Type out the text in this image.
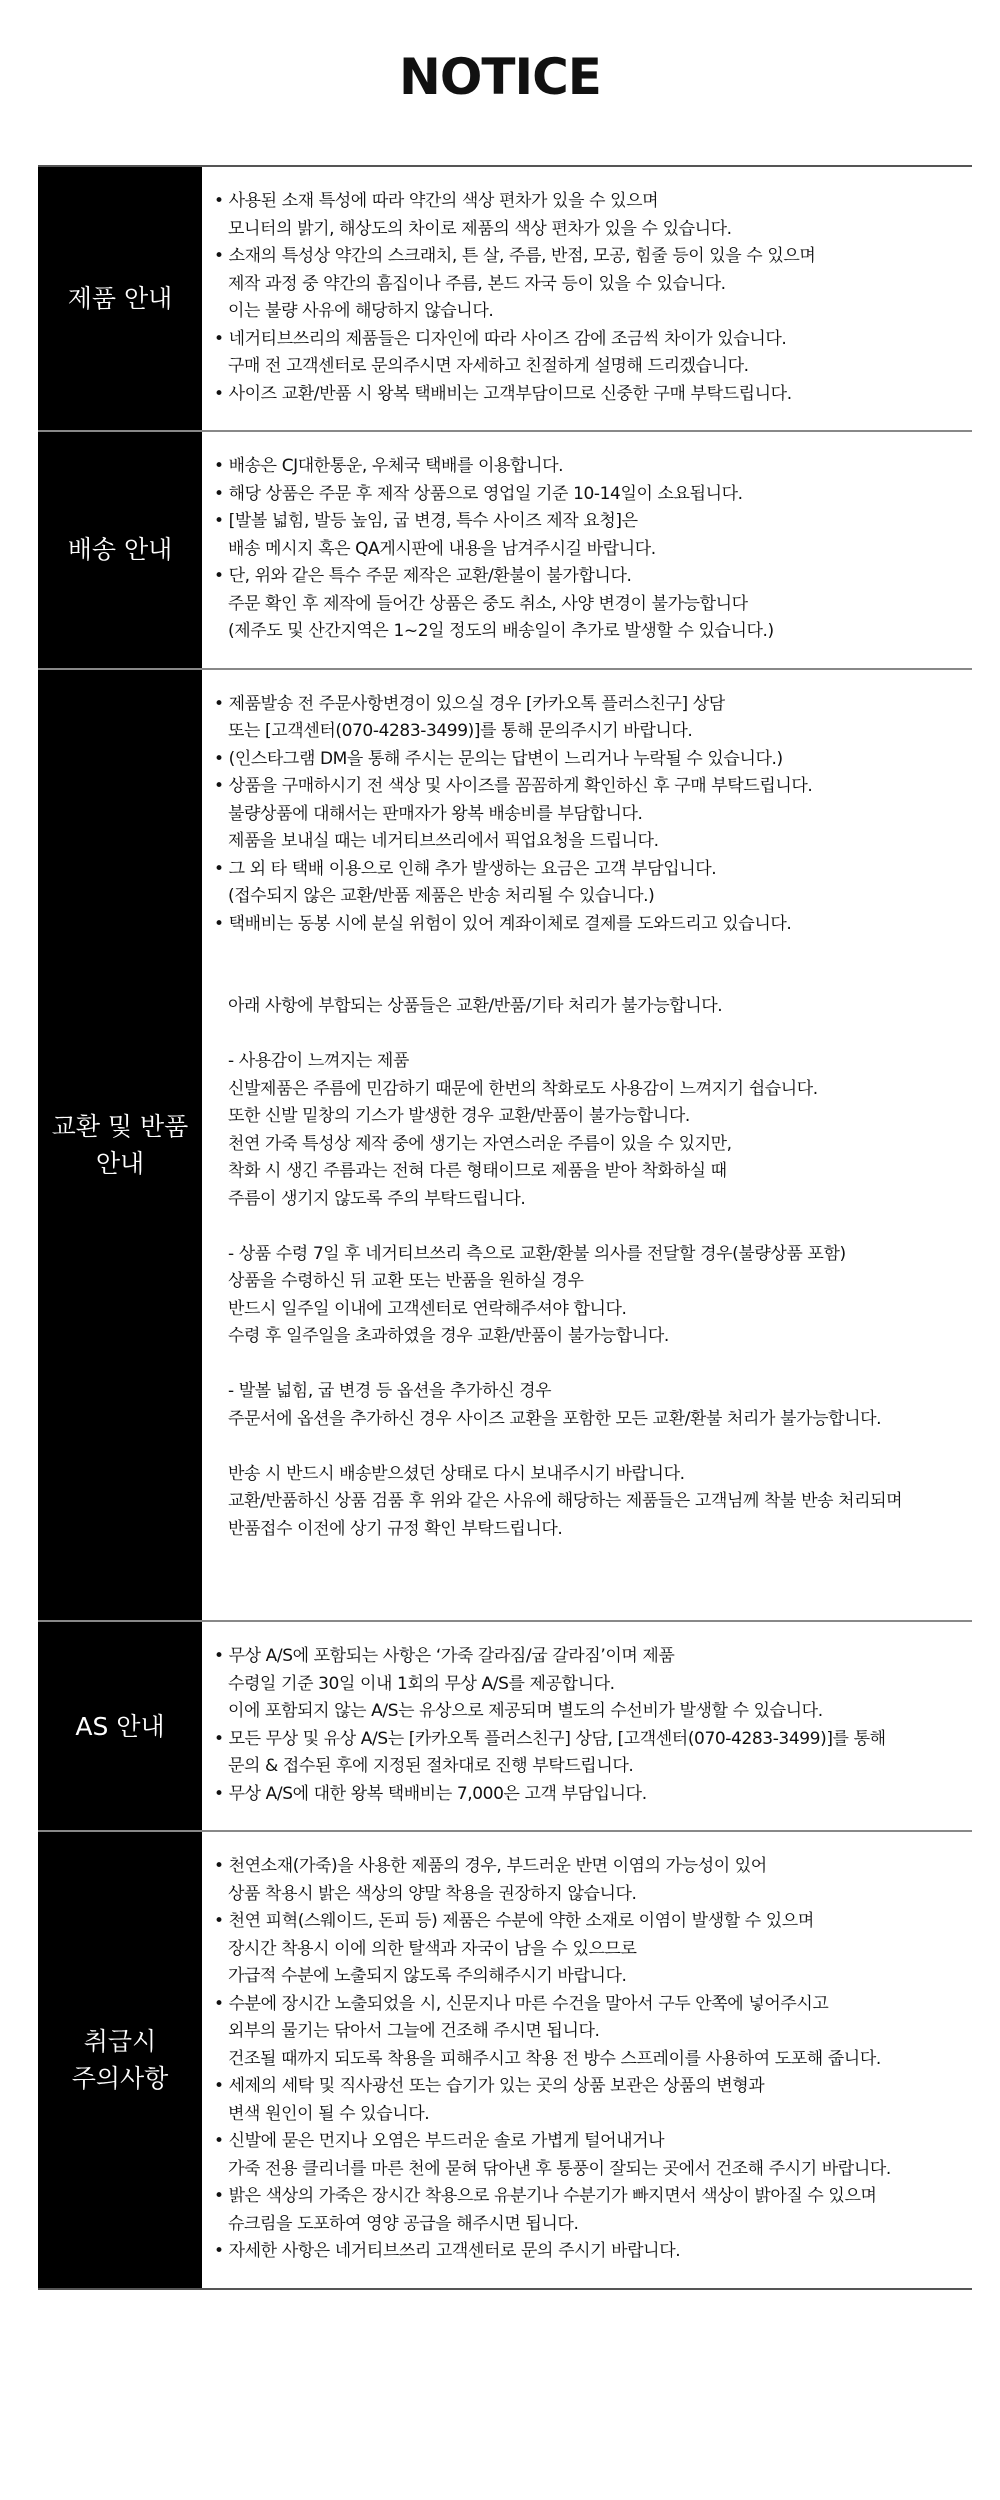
NOTICE
제품 안내
• 사용된 소재 특성에 따라 약간의 색상 편차가 있을 수 있으며
모니터의 밝기, 해상도의 차이로 제품의 색상 편차가 있을 수 있습니다.
• 소재의 특성상 약간의 스크래치, 튼 살, 주름, 반점, 모공, 힘줄 등이 있을 수 있으며
제작 과정 중 약간의 흠집이나 주름, 본드 자국 등이 있을 수 있습니다.
이는 불량 사유에 해당하지 않습니다.
• 네거티브쓰리의 제품들은 디자인에 따라 사이즈 감에 조금씩 차이가 있습니다.
구매 전 고객센터로 문의주시면 자세하고 친절하게 설명해 드리겠습니다.
• 사이즈 교환/반품 시 왕복 택배비는 고객부담이므로 신중한 구매 부탁드립니다.
배송 안내
• 배송은 CJ대한통운, 우체국 택배를 이용합니다.
• 해당 상품은 주문 후 제작 상품으로 영업일 기준 10-14일이 소요됩니다.
• [발볼 넓힘, 발등 높임, 굽 변경, 특수 사이즈 제작 요청]은
배송 메시지 혹은 QA게시판에 내용을 남겨주시길 바랍니다.
• 단, 위와 같은 특수 주문 제작은 교환/환불이 불가합니다.
주문 확인 후 제작에 들어간 상품은 중도 취소, 사양 변경이 불가능합니다
(제주도 및 산간지역은 1~2일 정도의 배송일이 추가로 발생할 수 있습니다.)
교환 및 반품
안내
• 제품발송 전 주문사항변경이 있으실 경우 [카카오톡 플러스친구] 상담
또는 [고객센터(070-4283-3499)]를 통해 문의주시기 바랍니다.
• (인스타그램 DM을 통해 주시는 문의는 답변이 느리거나 누락될 수 있습니다.)
• 상품을 구매하시기 전 색상 및 사이즈를 꼼꼼하게 확인하신 후 구매 부탁드립니다.
불량상품에 대해서는 판매자가 왕복 배송비를 부담합니다.
제품을 보내실 때는 네거티브쓰리에서 픽업요청을 드립니다.
• 그 외 타 택배 이용으로 인해 추가 발생하는 요금은 고객 부담입니다.
(접수되지 않은 교환/반품 제품은 반송 처리될 수 있습니다.)
• 택배비는 동봉 시에 분실 위험이 있어 계좌이체로 결제를 도와드리고 있습니다.
아래 사항에 부합되는 상품들은 교환/반품/기타 처리가 불가능합니다.
- 사용감이 느껴지는 제품
신발제품은 주름에 민감하기 때문에 한번의 착화로도 사용감이 느껴지기 쉽습니다.
또한 신발 밑창의 기스가 발생한 경우 교환/반품이 불가능합니다.
천연 가죽 특성상 제작 중에 생기는 자연스러운 주름이 있을 수 있지만,
착화 시 생긴 주름과는 전혀 다른 형태이므로 제품을 받아 착화하실 때
주름이 생기지 않도록 주의 부탁드립니다.
- 상품 수령 7일 후 네거티브쓰리 측으로 교환/환불 의사를 전달할 경우(불량상품 포함)
상품을 수령하신 뒤 교환 또는 반품을 원하실 경우
반드시 일주일 이내에 고객센터로 연락해주셔야 합니다.
수령 후 일주일을 초과하였을 경우 교환/반품이 불가능합니다.
- 발볼 넓힘, 굽 변경 등 옵션을 추가하신 경우
주문서에 옵션을 추가하신 경우 사이즈 교환을 포함한 모든 교환/환불 처리가 불가능합니다.
반송 시 반드시 배송받으셨던 상태로 다시 보내주시기 바랍니다.
교환/반품하신 상품 검품 후 위와 같은 사유에 해당하는 제품들은 고객님께 착불 반송 처리되며
반품접수 이전에 상기 규정 확인 부탁드립니다.
AS 안내
• 무상 A/S에 포함되는 사항은 ‘가죽 갈라짐/굽 갈라짐’이며 제품
수령일 기준 30일 이내 1회의 무상 A/S를 제공합니다.
이에 포함되지 않는 A/S는 유상으로 제공되며 별도의 수선비가 발생할 수 있습니다.
• 모든 무상 및 유상 A/S는 [카카오톡 플러스친구] 상담, [고객센터(070-4283-3499)]를 통해
문의 & 접수된 후에 지정된 절차대로 진행 부탁드립니다.
• 무상 A/S에 대한 왕복 택배비는 7,000은 고객 부담입니다.
취급시
주의사항
• 천연소재(가죽)을 사용한 제품의 경우, 부드러운 반면 이염의 가능성이 있어
상품 착용시 밝은 색상의 양말 착용을 권장하지 않습니다.
• 천연 피혁(스웨이드, 돈피 등) 제품은 수분에 약한 소재로 이염이 발생할 수 있으며
장시간 착용시 이에 의한 탈색과 자국이 남을 수 있으므로
가급적 수분에 노출되지 않도록 주의해주시기 바랍니다.
• 수분에 장시간 노출되었을 시, 신문지나 마른 수건을 말아서 구두 안쪽에 넣어주시고
외부의 물기는 닦아서 그늘에 건조해 주시면 됩니다.
건조될 때까지 되도록 착용을 피해주시고 착용 전 방수 스프레이를 사용하여 도포해 줍니다.
• 세제의 세탁 및 직사광선 또는 습기가 있는 곳의 상품 보관은 상품의 변형과
변색 원인이 될 수 있습니다.
• 신발에 묻은 먼지나 오염은 부드러운 솔로 가볍게 털어내거나
가죽 전용 클리너를 마른 천에 묻혀 닦아낸 후 통풍이 잘되는 곳에서 건조해 주시기 바랍니다.
• 밝은 색상의 가죽은 장시간 착용으로 유분기나 수분기가 빠지면서 색상이 밝아질 수 있으며
슈크림을 도포하여 영양 공급을 해주시면 됩니다.
• 자세한 사항은 네거티브쓰리 고객센터로 문의 주시기 바랍니다.
